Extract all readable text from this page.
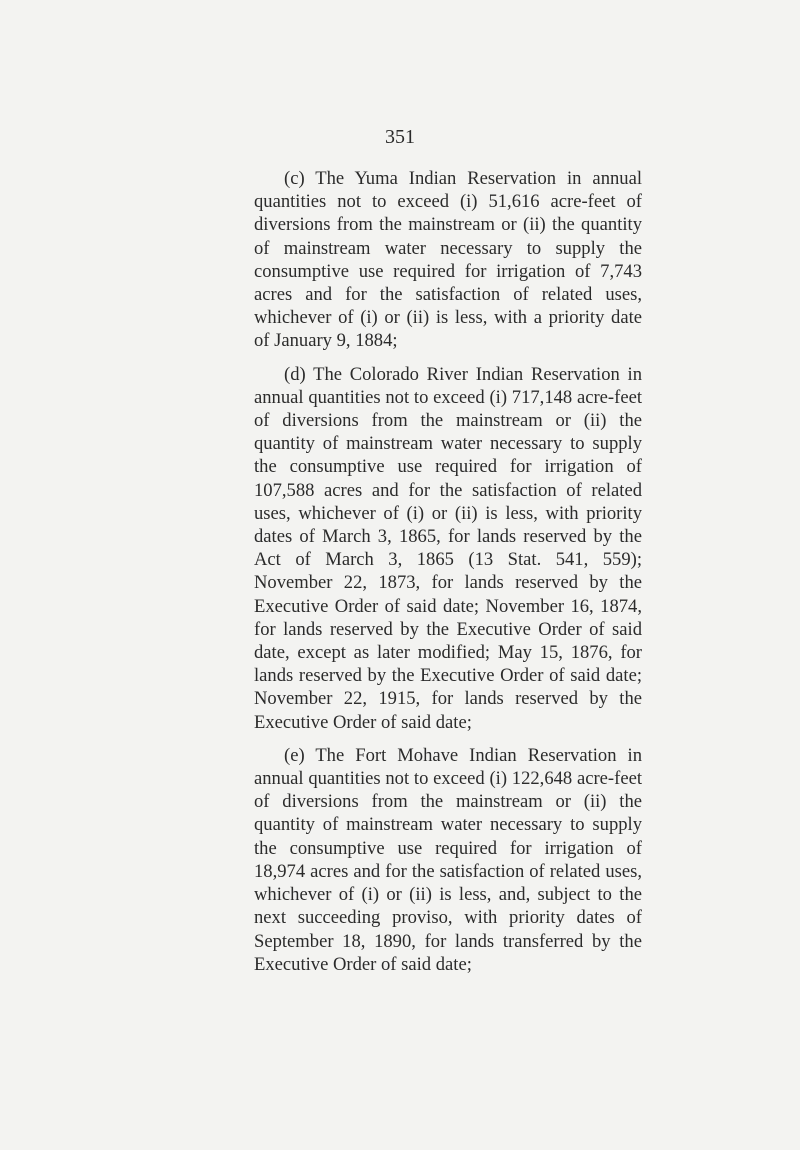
351

(c) The Yuma Indian Reservation in annual quantities not to exceed (i) 51,616 acre-feet of diversions from the mainstream or (ii) the quantity of mainstream water necessary to supply the consumptive use required for irrigation of 7,743 acres and for the satisfaction of related uses, whichever of (i) or (ii) is less, with a priority date of January 9, 1884;

(d) The Colorado River Indian Reservation in annual quantities not to exceed (i) 717,148 acre-feet of diversions from the mainstream or (ii) the quantity of mainstream water necessary to supply the consumptive use required for irrigation of 107,588 acres and for the satisfaction of related uses, whichever of (i) or (ii) is less, with priority dates of March 3, 1865, for lands reserved by the Act of March 3, 1865 (13 Stat. 541, 559); November 22, 1873, for lands reserved by the Executive Order of said date; November 16, 1874, for lands reserved by the Executive Order of said date, except as later modified; May 15, 1876, for lands reserved by the Executive Order of said date; November 22, 1915, for lands reserved by the Executive Order of said date;

(e) The Fort Mohave Indian Reservation in annual quantities not to exceed (i) 122,648 acre-feet of diversions from the mainstream or (ii) the quantity of mainstream water necessary to supply the consumptive use required for irrigation of 18,974 acres and for the satisfaction of related uses, whichever of (i) or (ii) is less, and, subject to the next succeeding proviso, with priority dates of September 18, 1890, for lands transferred by the Executive Order of said date;
